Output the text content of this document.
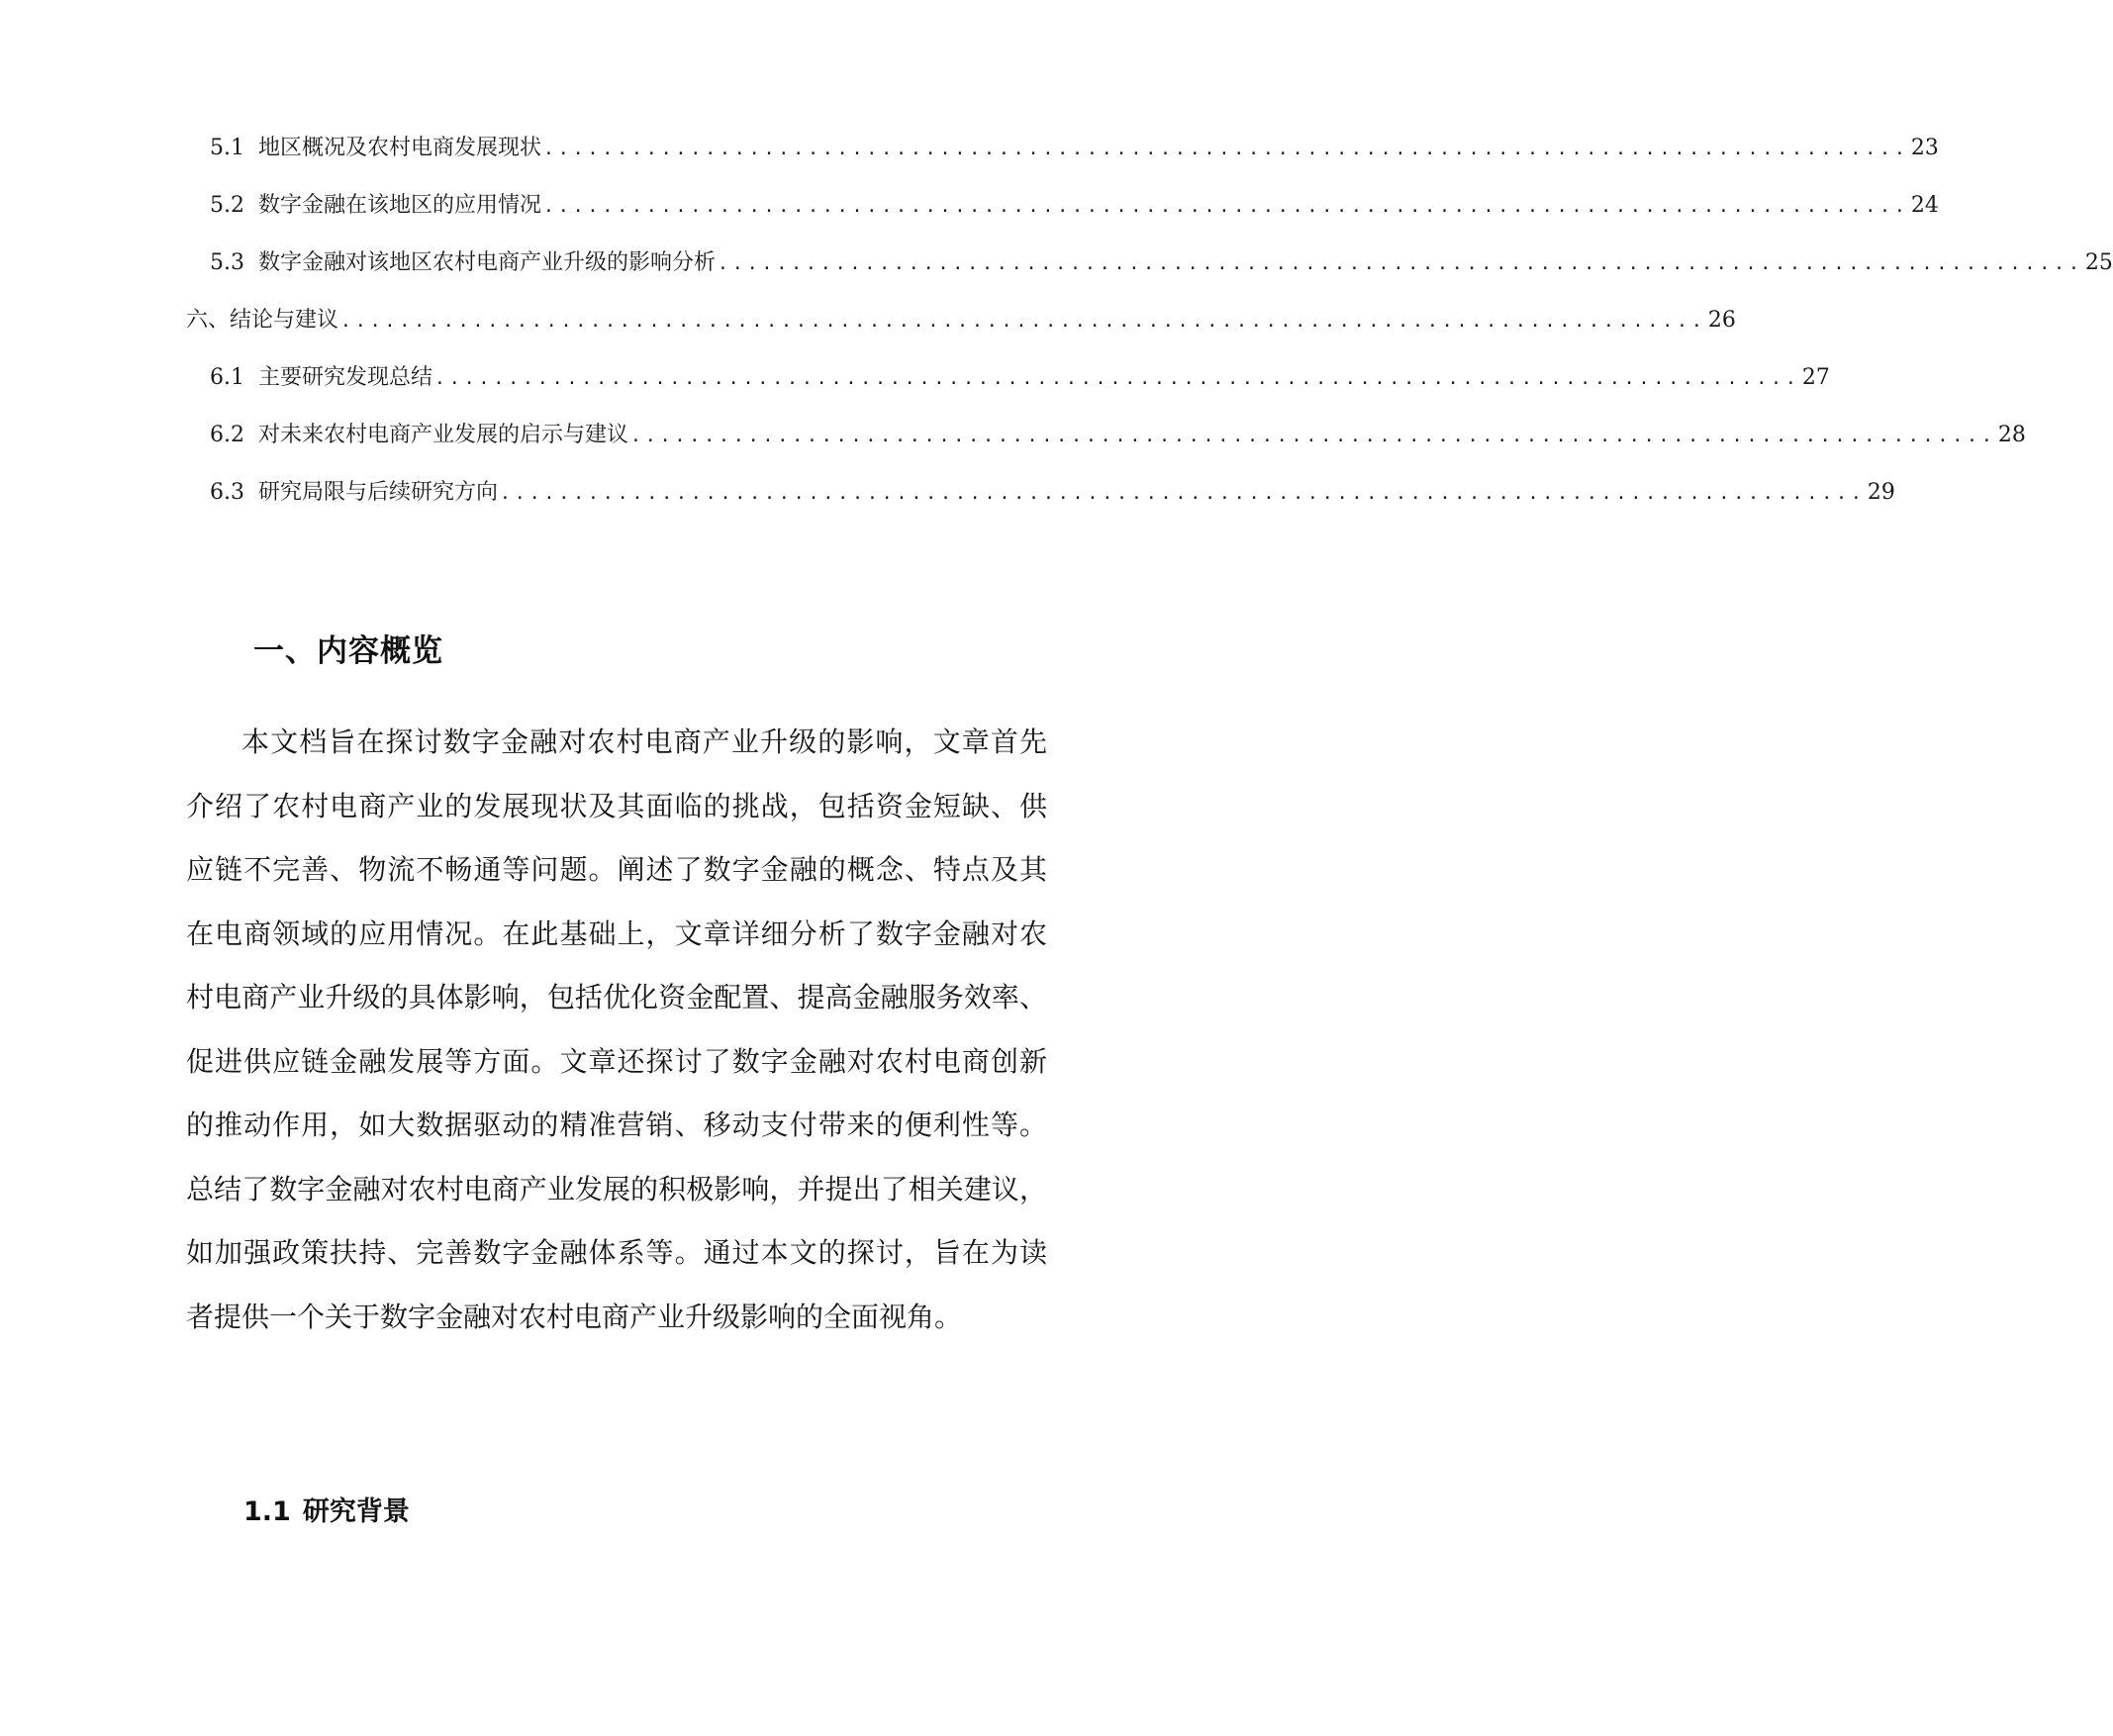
5.1 地区概况及农村电商发展现状 ............................................................................................. 23
5.2 数字金融在该地区的应用情况 ............................................................................................. 24
5.3 数字金融对该地区农村电商产业升级的影响分析 ............................................................................................. 25
六、结论与建议 ............................................................................................. 26
6.1 主要研究发现总结 ............................................................................................. 27
6.2 对未来农村电商产业发展的启示与建议 ............................................................................................. 28
6.3 研究局限与后续研究方向 ............................................................................................. 29
一、内容概览
本文档旨在探讨数字金融对农村电商产业升级的影响，文章首先
介绍了农村电商产业的发展现状及其面临的挑战，包括资金短缺、供
应链不完善、物流不畅通等问题。阐述了数字金融的概念、特点及其
在电商领域的应用情况。在此基础上，文章详细分析了数字金融对农
村电商产业升级的具体影响，包括优化资金配置、提高金融服务效率、
促进供应链金融发展等方面。文章还探讨了数字金融对农村电商创新
的推动作用，如大数据驱动的精准营销、移动支付带来的便利性等。
总结了数字金融对农村电商产业发展的积极影响，并提出了相关建议，
如加强政策扶持、完善数字金融体系等。通过本文的探讨，旨在为读
者提供一个关于数字金融对农村电商产业升级影响的全面视角。
1.1 研究背景
